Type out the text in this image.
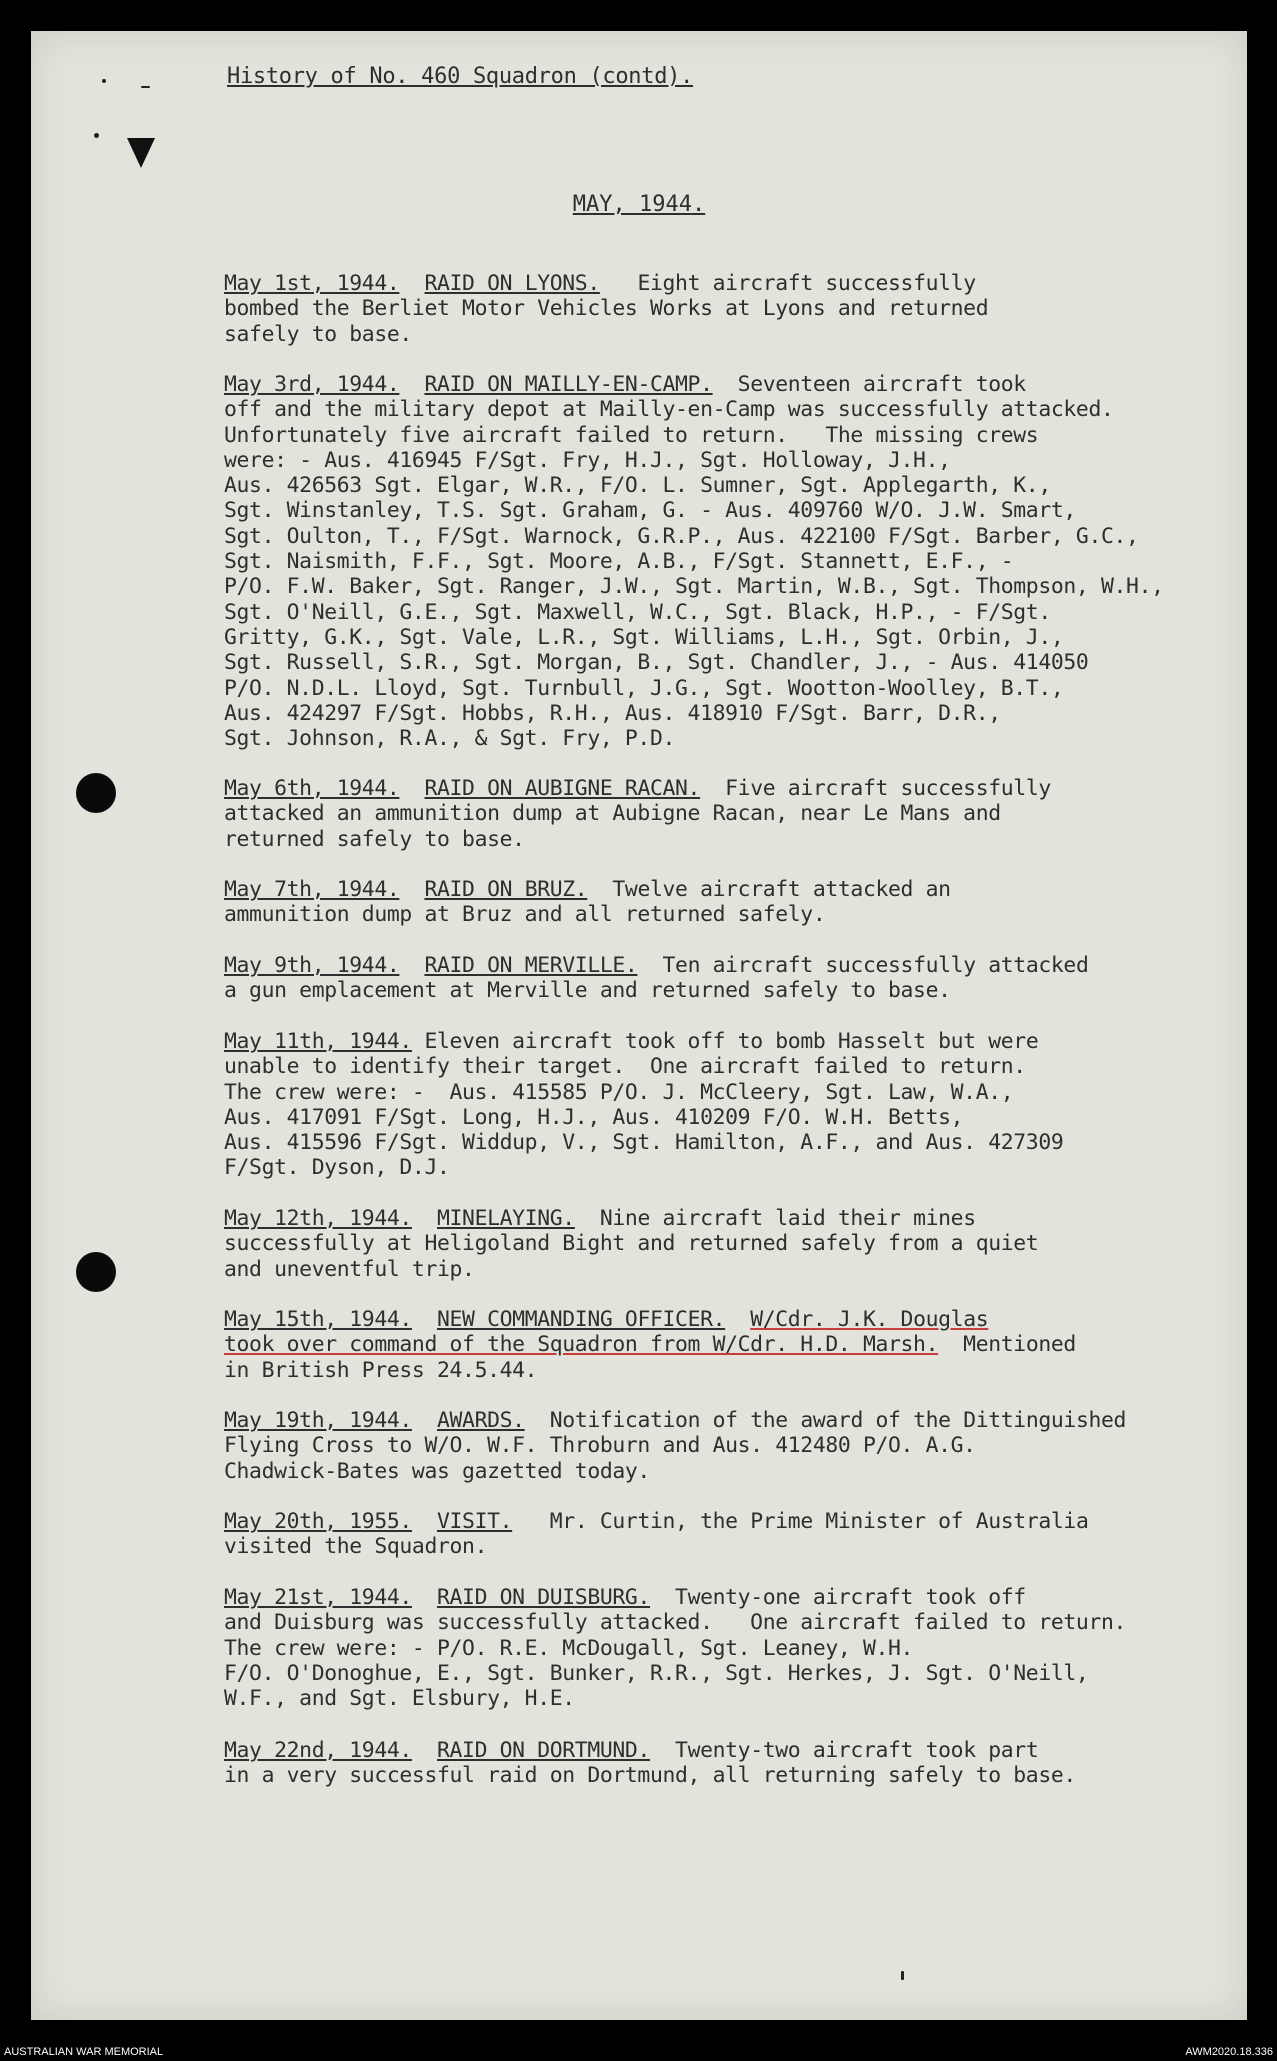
History of No. 460 Squadron (contd).
MAY, 1944.
May 1st, 1944. RAID ON LYONS.   Eight aircraft successfully
bombed the Berliet Motor Vehicles Works at Lyons and returned
safely to base.
May 3rd, 1944. RAID ON MAILLY-EN-CAMP.  Seventeen aircraft took
off and the military depot at Mailly-en-Camp was successfully attacked.
Unfortunately five aircraft failed to return.   The missing crews
were: - Aus. 416945 F/Sgt. Fry, H.J., Sgt. Holloway, J.H.,
Aus. 426563 Sgt. Elgar, W.R., F/O. L. Sumner, Sgt. Applegarth, K.,
Sgt. Winstanley, T.S. Sgt. Graham, G. - Aus. 409760 W/O. J.W. Smart,
Sgt. Oulton, T., F/Sgt. Warnock, G.R.P., Aus. 422100 F/Sgt. Barber, G.C.,
Sgt. Naismith, F.F., Sgt. Moore, A.B., F/Sgt. Stannett, E.F., -
P/O. F.W. Baker, Sgt. Ranger, J.W., Sgt. Martin, W.B., Sgt. Thompson, W.H.,
Sgt. O'Neill, G.E., Sgt. Maxwell, W.C., Sgt. Black, H.P., - F/Sgt.
Gritty, G.K., Sgt. Vale, L.R., Sgt. Williams, L.H., Sgt. Orbin, J.,
Sgt. Russell, S.R., Sgt. Morgan, B., Sgt. Chandler, J., - Aus. 414050
P/O. N.D.L. Lloyd, Sgt. Turnbull, J.G., Sgt. Wootton-Woolley, B.T.,
Aus. 424297 F/Sgt. Hobbs, R.H., Aus. 418910 F/Sgt. Barr, D.R.,
Sgt. Johnson, R.A., & Sgt. Fry, P.D.
May 6th, 1944. RAID ON AUBIGNE RACAN.  Five aircraft successfully
attacked an ammunition dump at Aubigne Racan, near Le Mans and
returned safely to base.
May 7th, 1944. RAID ON BRUZ.  Twelve aircraft attacked an
ammunition dump at Bruz and all returned safely.
May 9th, 1944. RAID ON MERVILLE.  Ten aircraft successfully attacked
a gun emplacement at Merville and returned safely to base.
May 11th, 1944. Eleven aircraft took off to bomb Hasselt but were
unable to identify their target.  One aircraft failed to return.
The crew were: -  Aus. 415585 P/O. J. McCleery, Sgt. Law, W.A.,
Aus. 417091 F/Sgt. Long, H.J., Aus. 410209 F/O. W.H. Betts,
Aus. 415596 F/Sgt. Widdup, V., Sgt. Hamilton, A.F., and Aus. 427309
F/Sgt. Dyson, D.J.
May 12th, 1944. MINELAYING.  Nine aircraft laid their mines
successfully at Heligoland Bight and returned safely from a quiet
and uneventful trip.
May 15th, 1944. NEW COMMANDING OFFICER. W/Cdr. J.K. Douglas
took over command of the Squadron from W/Cdr. H.D. Marsh.  Mentioned
in British Press 24.5.44.
May 19th, 1944. AWARDS.  Notification of the award of the Dittinguished
Flying Cross to W/O. W.F. Throburn and Aus. 412480 P/O. A.G.
Chadwick-Bates was gazetted today.
May 20th, 1955. VISIT.   Mr. Curtin, the Prime Minister of Australia
visited the Squadron.
May 21st, 1944. RAID ON DUISBURG.  Twenty-one aircraft took off
and Duisburg was successfully attacked.   One aircraft failed to return.
The crew were: - P/O. R.E. McDougall, Sgt. Leaney, W.H.
F/O. O'Donoghue, E., Sgt. Bunker, R.R., Sgt. Herkes, J. Sgt. O'Neill,
W.F., and Sgt. Elsbury, H.E.
May 22nd, 1944. RAID ON DORTMUND.  Twenty-two aircraft took part
in a very successful raid on Dortmund, all returning safely to base.
AUSTRALIAN WAR MEMORIAL	AWM2020.18.336
